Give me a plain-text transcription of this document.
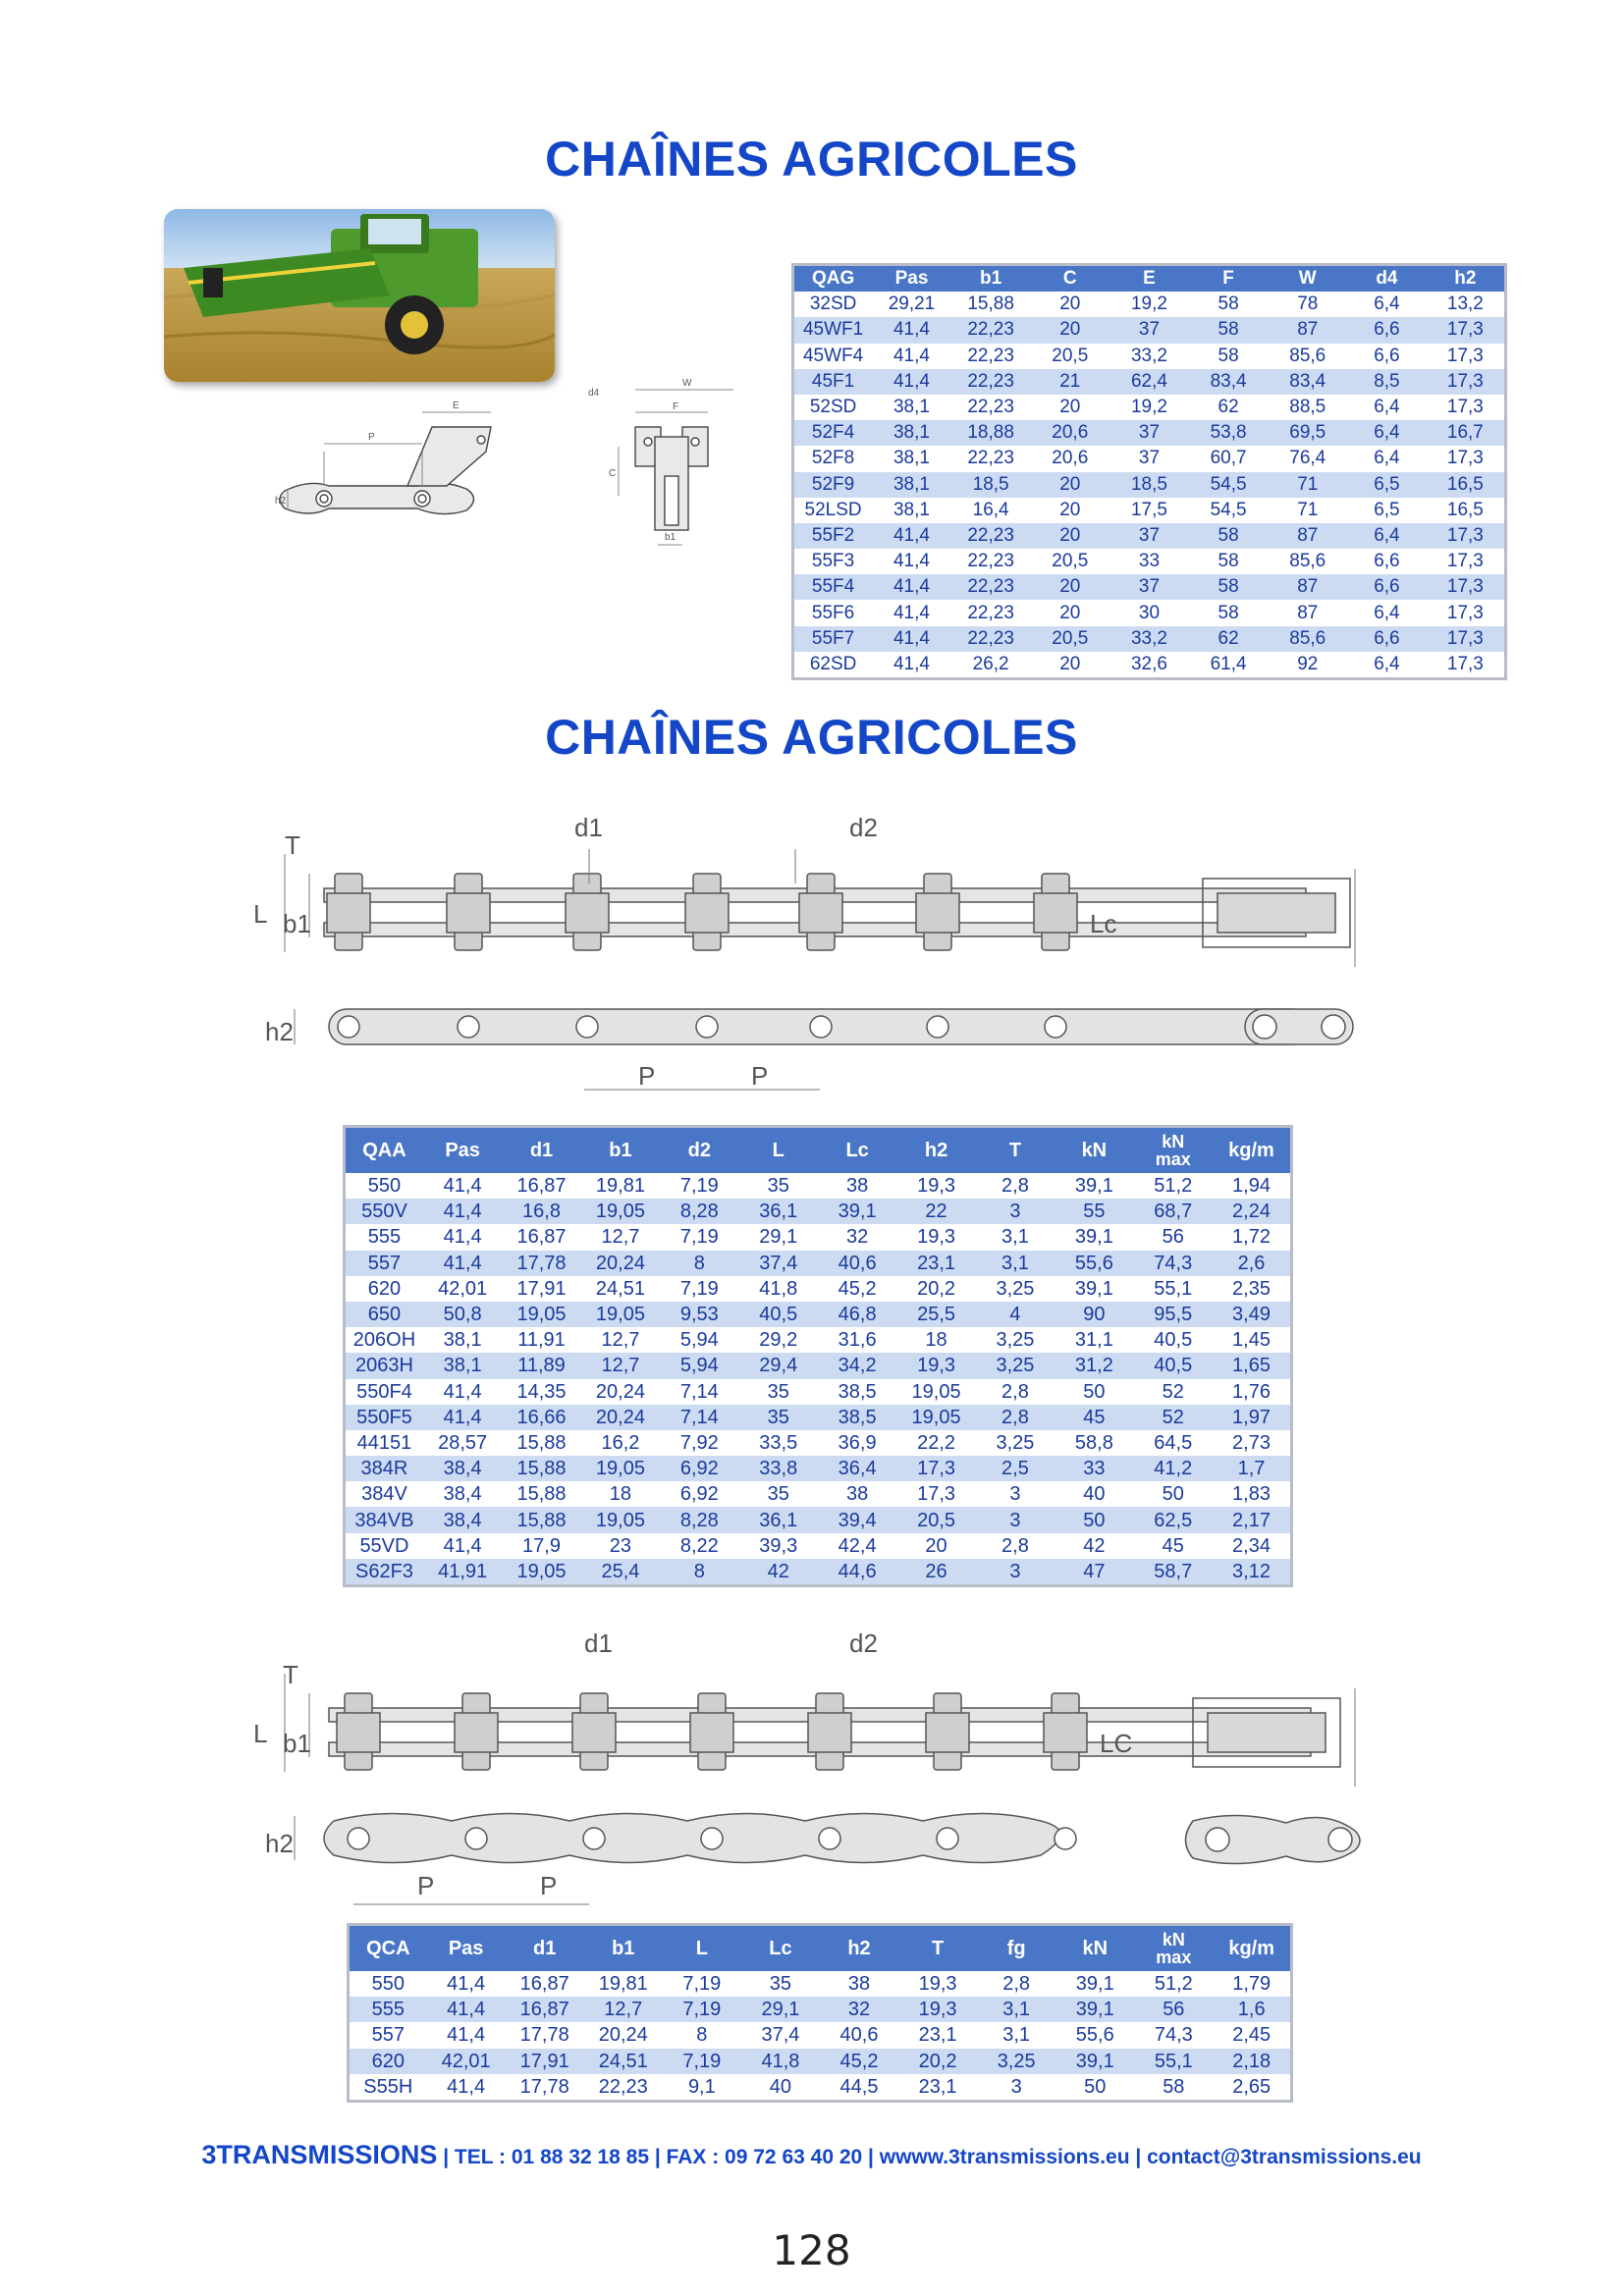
CHAÎNES AGRICOLES
CHAÎNES AGRICOLES
P
E
h2
d4
W
F
C
b1
QAG	Pas	b1	C	E	F	W	d4	h2
32SD	29,21	15,88	20	19,2	58	78	6,4	13,2
45WF1	41,4	22,23	20	37	58	87	6,6	17,3
45WF4	41,4	22,23	20,5	33,2	58	85,6	6,6	17,3
45F1	41,4	22,23	21	62,4	83,4	83,4	8,5	17,3
52SD	38,1	22,23	20	19,2	62	88,5	6,4	17,3
52F4	38,1	18,88	20,6	37	53,8	69,5	6,4	16,7
52F8	38,1	22,23	20,6	37	60,7	76,4	6,4	17,3
52F9	38,1	18,5	20	18,5	54,5	71	6,5	16,5
52LSD	38,1	16,4	20	17,5	54,5	71	6,5	16,5
55F2	41,4	22,23	20	37	58	87	6,4	17,3
55F3	41,4	22,23	20,5	33	58	85,6	6,6	17,3
55F4	41,4	22,23	20	37	58	87	6,6	17,3
55F6	41,4	22,23	20	30	58	87	6,4	17,3
55F7	41,4	22,23	20,5	33,2	62	85,6	6,6	17,3
62SD	41,4	26,2	20	32,6	61,4	92	6,4	17,3
d1	d2
T
L b1	Lc
h2
P	P
QAA	Pas	d1	b1	d2	L	Lc	h2	T	kN	kN
max	kg/m
550	41,4	16,87	19,81	7,19	35	38	19,3	2,8	39,1	51,2	1,94
550V	41,4	16,8	19,05	8,28	36,1	39,1	22	3	55	68,7	2,24
555	41,4	16,87	12,7	7,19	29,1	32	19,3	3,1	39,1	56	1,72
557	41,4	17,78	20,24	8	37,4	40,6	23,1	3,1	55,6	74,3	2,6
620	42,01	17,91	24,51	7,19	41,8	45,2	20,2	3,25	39,1	55,1	2,35
650	50,8	19,05	19,05	9,53	40,5	46,8	25,5	4	90	95,5	3,49
206OH	38,1	11,91	12,7	5,94	29,2	31,6	18	3,25	31,1	40,5	1,45
2063H	38,1	11,89	12,7	5,94	29,4	34,2	19,3	3,25	31,2	40,5	1,65
550F4	41,4	14,35	20,24	7,14	35	38,5	19,05	2,8	50	52	1,76
550F5	41,4	16,66	20,24	7,14	35	38,5	19,05	2,8	45	52	1,97
44151	28,57	15,88	16,2	7,92	33,5	36,9	22,2	3,25	58,8	64,5	2,73
384R	38,4	15,88	19,05	6,92	33,8	36,4	17,3	2,5	33	41,2	1,7
384V	38,4	15,88	18	6,92	35	38	17,3	3	40	50	1,83
384VB	38,4	15,88	19,05	8,28	36,1	39,4	20,5	3	50	62,5	2,17
55VD	41,4	17,9	23	8,22	39,3	42,4	20	2,8	42	45	2,34
S62F3	41,91	19,05	25,4	8	42	44,6	26	3	47	58,7	3,12
d1	d2
T
L b1	LC
h2
P	P
QCA	Pas	d1	b1	L	Lc	h2	T	fg	kN	kN
max	kg/m
550	41,4	16,87	19,81	7,19	35	38	19,3	2,8	39,1	51,2	1,79
555	41,4	16,87	12,7	7,19	29,1	32	19,3	3,1	39,1	56	1,6
557	41,4	17,78	20,24	8	37,4	40,6	23,1	3,1	55,6	74,3	2,45
620	42,01	17,91	24,51	7,19	41,8	45,2	20,2	3,25	39,1	55,1	2,18
S55H	41,4	17,78	22,23	9,1	40	44,5	23,1	3	50	58	2,65
3TRANSMISSIONS | TEL : 01 88 32 18 85 | FAX : 09 72 63 40 20 | wwww.3transmissions.eu | contact@3transmissions.eu
128
